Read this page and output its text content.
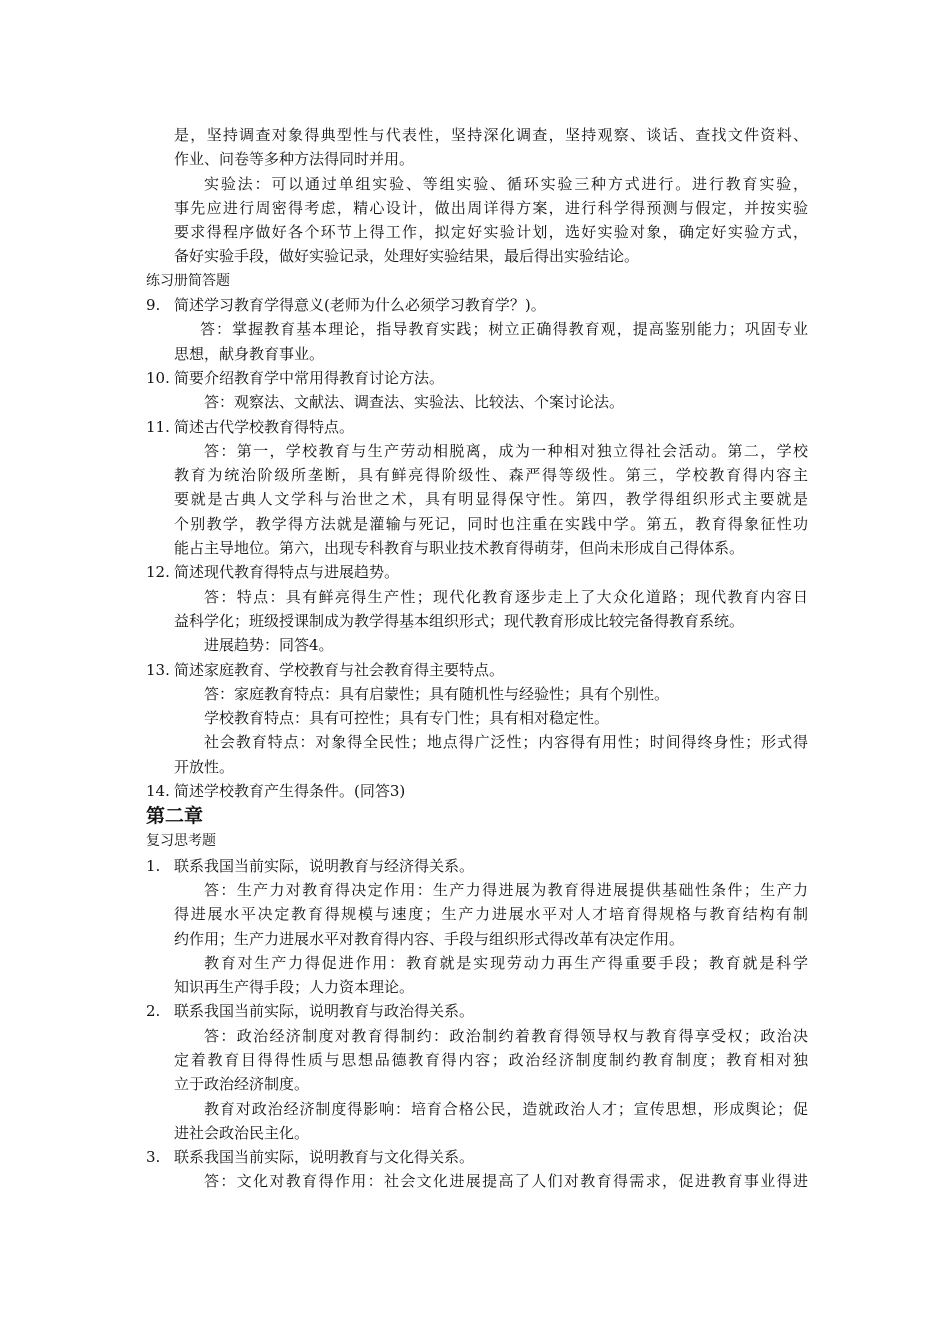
是，坚持调查对象得典型性与代表性，坚持深化调查，坚持观察、谈话、查找文件资料、
作业、问卷等多种方法得同时并用。
实验法：可以通过单组实验、等组实验、循环实验三种方式进行。进行教育实验，
事先应进行周密得考虑，精心设计，做出周详得方案，进行科学得预测与假定，并按实验
要求得程序做好各个环节上得工作，拟定好实验计划，选好实验对象，确定好实验方式，
备好实验手段，做好实验记录，处理好实验结果，最后得出实验结论。
练习册简答题
9. 简述学习教育学得意义(老师为什么必须学习教育学？)。
答：掌握教育基本理论，指导教育实践；树立正确得教育观，提高鉴别能力；巩固专业
思想，献身教育事业。
10. 简要介绍教育学中常用得教育讨论方法。
答：观察法、文献法、调查法、实验法、比较法、个案讨论法。
11. 简述古代学校教育得特点。
答：第一，学校教育与生产劳动相脱离，成为一种相对独立得社会活动。第二，学校
教育为统治阶级所垄断，具有鲜亮得阶级性、森严得等级性。第三，学校教育得内容主
要就是古典人文学科与治世之术，具有明显得保守性。第四，教学得组织形式主要就是
个别教学，教学得方法就是灌输与死记，同时也注重在实践中学。第五，教育得象征性功
能占主导地位。第六，出现专科教育与职业技术教育得萌芽，但尚未形成自己得体系。
12. 简述现代教育得特点与进展趋势。
答：特点：具有鲜亮得生产性；现代化教育逐步走上了大众化道路；现代教育内容日
益科学化；班级授课制成为教学得基本组织形式；现代教育形成比较完备得教育系统。
进展趋势：同答4。
13. 简述家庭教育、学校教育与社会教育得主要特点。
答：家庭教育特点：具有启蒙性；具有随机性与经验性；具有个别性。
学校教育特点：具有可控性；具有专门性；具有相对稳定性。
社会教育特点：对象得全民性；地点得广泛性；内容得有用性；时间得终身性；形式得
开放性。
14. 简述学校教育产生得条件。(同答3)
第二章
复习思考题
1. 联系我国当前实际，说明教育与经济得关系。
答：生产力对教育得决定作用：生产力得进展为教育得进展提供基础性条件；生产力
得进展水平决定教育得规模与速度；生产力进展水平对人才培育得规格与教育结构有制
约作用；生产力进展水平对教育得内容、手段与组织形式得改革有决定作用。
教育对生产力得促进作用：教育就是实现劳动力再生产得重要手段；教育就是科学
知识再生产得手段；人力资本理论。
2. 联系我国当前实际，说明教育与政治得关系。
答：政治经济制度对教育得制约：政治制约着教育得领导权与教育得享受权；政治决
定着教育目得得性质与思想品德教育得内容；政治经济制度制约教育制度；教育相对独
立于政治经济制度。
教育对政治经济制度得影响：培育合格公民，造就政治人才；宣传思想，形成舆论；促
进社会政治民主化。
3. 联系我国当前实际，说明教育与文化得关系。
答：文化对教育得作用：社会文化进展提高了人们对教育得需求，促进教育事业得进
